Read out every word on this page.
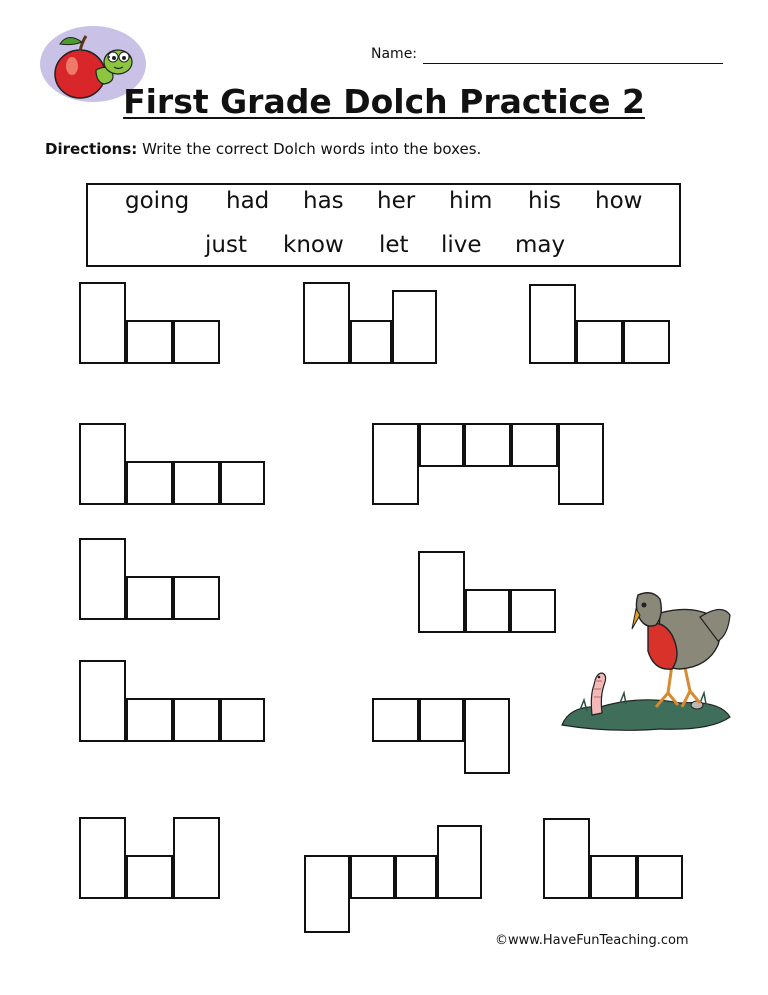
Name:
First Grade Dolch Practice 2
Directions: Write the correct Dolch words into the boxes.
going had has her him his how
just know let live may
©www.HaveFunTeaching.com
